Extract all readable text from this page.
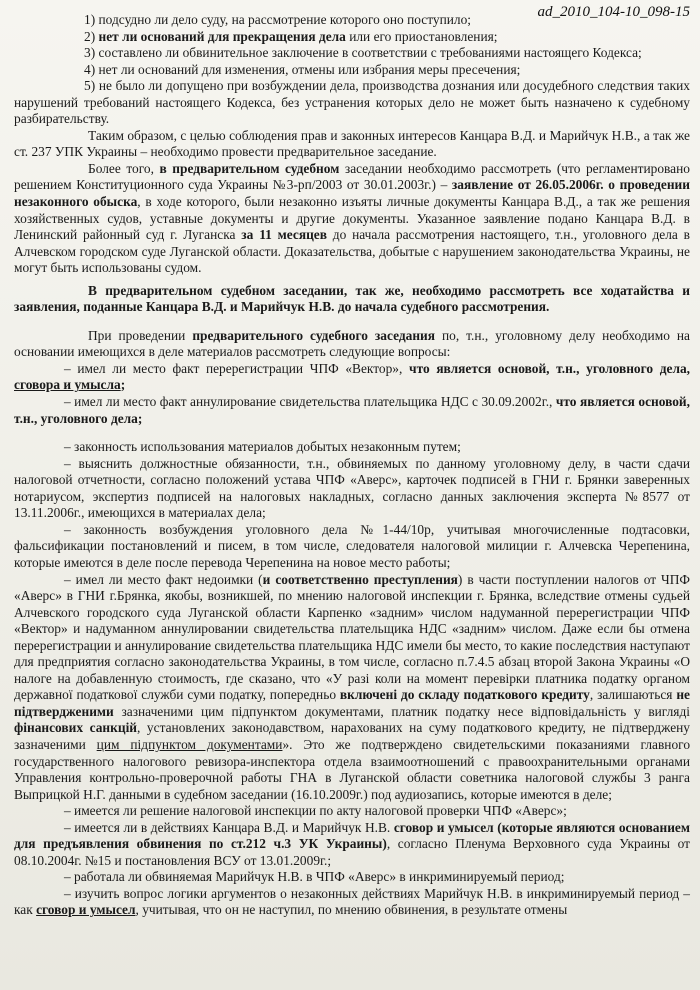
ad_2010_104-10_098-15

1) подсудно ли дело суду, на рассмотрение которого оно поступило;

2) нет ли оснований для прекращения дела или его приостановления;

3) составлено ли обвинительное заключение в соответствии с требованиями настоящего Кодекса;

4) нет ли оснований для изменения, отмены или избрания меры пресечения;

5) не было ли допущено при возбуждении дела, производства дознания или досудебного следствия таких нарушений требований настоящего Кодекса, без устранения которых дело не может быть назначено к судебному разбирательству.

Таким образом, с целью соблюдения прав и законных интересов Канцара В.Д. и Марийчук Н.В., а так же ст. 237 УПК Украины – необходимо провести предварительное заседание.

Более того, в предварительном судебном заседании необходимо рассмотреть (что регламентировано решением Конституционного суда Украины №3-рп/2003 от 30.01.2003г.) – заявление от 26.05.2006г. о проведении незаконного обыска, в ходе которого, были незаконно изъяты личные документы Канцара В.Д., а так же решения хозяйственных судов, уставные документы и другие документы. Указанное заявление подано Канцара В.Д. в Ленинский районный суд г. Луганска за 11 месяцев до начала рассмотрения настоящего, т.н., уголовного дела в Алчевском городском суде Луганской области. Доказательства, добытые с нарушением законодательства Украины, не могут быть использованы судом.

В предварительном судебном заседании, так же, необходимо рассмотреть все ходатайства и заявления, поданные Канцара В.Д. и Марийчук Н.В. до начала судебного рассмотрения.

При проведении предварительного судебного заседания по, т.н., уголовному делу необходимо на основании имеющихся в деле материалов рассмотреть следующие вопросы:

– имел ли место факт перерегистрации ЧПФ «Вектор», что является основой, т.н., уголовного дела, сговора и умысла;

– имел ли место факт аннулирование свидетельства плательщика НДС с 30.09.2002г., что является основой, т.н., уголовного дела;

– законность использования материалов добытых незаконным путем;

– выяснить должностные обязанности, т.н., обвиняемых по данному уголовному делу, в части сдачи налоговой отчетности, согласно положений устава ЧПФ «Аверс», карточек подписей в ГНИ г. Брянки заверенных нотариусом, экспертиз подписей на налоговых накладных, согласно данных заключения эксперта №8577 от 13.11.2006г., имеющихся в материалах дела;

– законность возбуждения уголовного дела №1-44/10р, учитывая многочисленные подтасовки, фальсификации постановлений и писем, в том числе, следователя налоговой милиции г. Алчевска Черепенина, которые имеются в деле после перевода Черепенина на новое место работы;

– имел ли место факт недоимки (и соответственно преступления) в части поступлении налогов от ЧПФ «Аверс» в ГНИ г.Брянка, якобы, возникшей, по мнению налоговой инспекции г. Брянка, вследствие отмены судьей Алчевского городского суда Луганской области Карпенко «задним» числом надуманной перерегистрации ЧПФ «Вектор» и надуманном аннулировании свидетельства плательщика НДС «задним» числом. Даже если бы отмена перерегистрации и аннулирование свидетельства плательщика НДС имели бы место, то какие последствия наступают для предприятия согласно законодательства Украины, в том числе, согласно п.7.4.5 абзац второй Закона Украины «О налоге на добавленную стоимость, где сказано, что «У разі коли на момент перевірки платника податку органом державної податкової служби суми податку, попередньо включені до складу податкового кредиту, залишаються не підтвердженими зазначеними цим підпунктом документами, платник податку несе відповідальність у вигляді фінансових санкцій, установлених законодавством, нарахованих на суму податкового кредиту, не підтверджену зазначеними цим підпунктом документами». Это же подтверждено свидетельскими показаниями главного государственного налогового ревизора-инспектора отдела взаимоотношений с правоохранительными органами Управления контрольно-проверочной работы ГНА в Луганской области советника налоговой службы 3 ранга Выприцкой Н.Г. данными в судебном заседании (16.10.2009г.) под аудиозапись, которые имеются в деле;

– имеется ли решение налоговой инспекции по акту налоговой проверки ЧПФ «Аверс»;

– имеется ли в действиях Канцара В.Д. и Марийчук Н.В. сговор и умысел (которые являются основанием для предъявления обвинения по ст.212 ч.3 УК Украины), согласно Пленума Верховного суда Украины от 08.10.2004г. №15 и постановления ВСУ от 13.01.2009г.;

– работала ли обвиняемая Марийчук Н.В. в ЧПФ «Аверс» в инкриминируемый период;

– изучить вопрос логики аргументов о незаконных действиях Марийчук Н.В. в инкриминируемый период – как сговор и умысел, учитывая, что он не наступил, по мнению обвинения, в результате отмены
